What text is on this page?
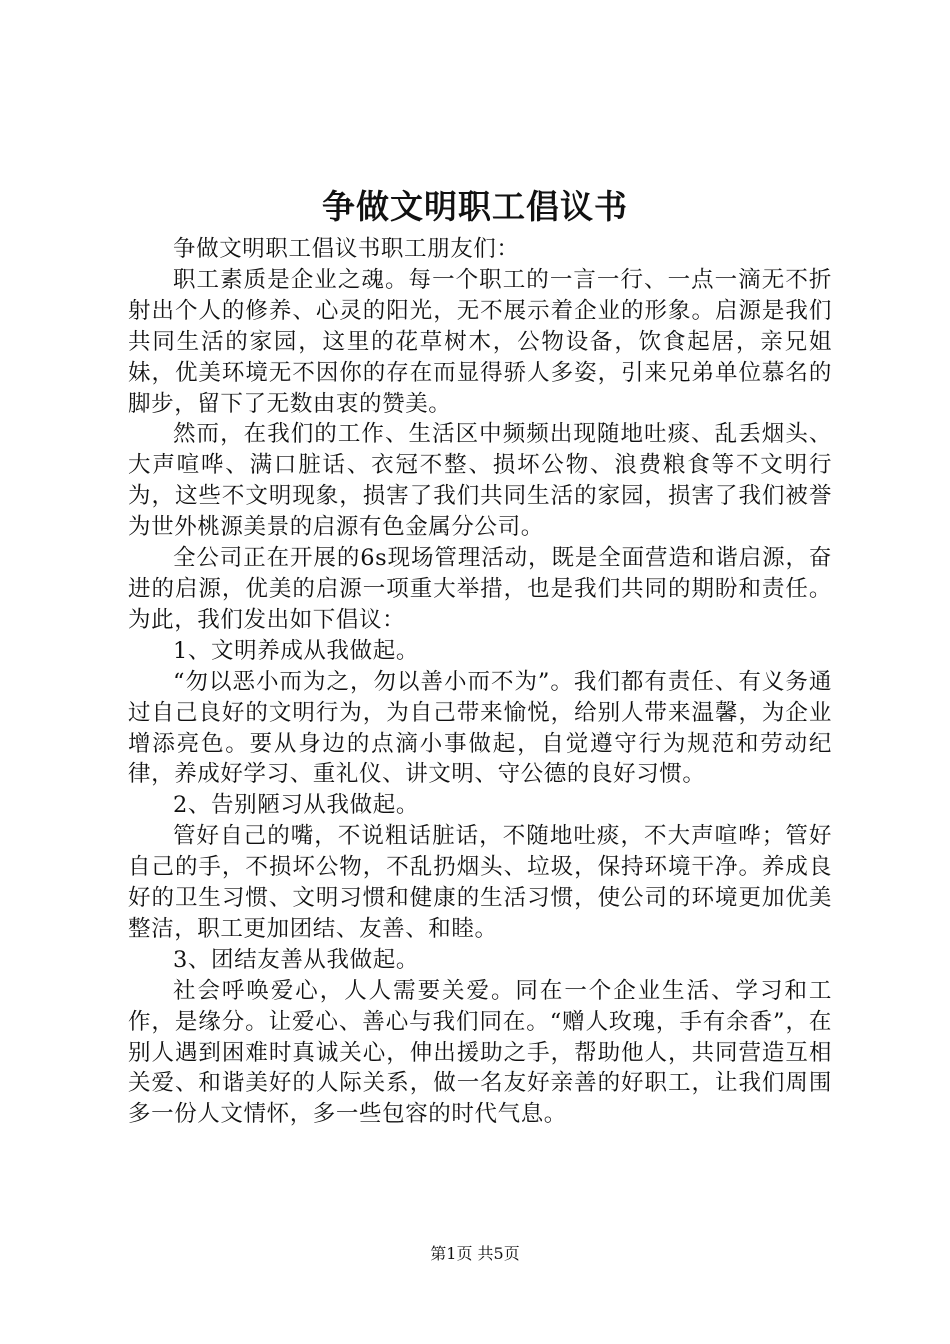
争做文明职工倡议书

争做文明职工倡议书职工朋友们：

职工素质是企业之魂。每一个职工的一言一行、一点一滴无不折射出个人的修养、心灵的阳光，无不展示着企业的形象。启源是我们共同生活的家园，这里的花草树木，公物设备，饮食起居，亲兄姐妹，优美环境无不因你的存在而显得骄人多姿，引来兄弟单位慕名的脚步，留下了无数由衷的赞美。

然而，在我们的工作、生活区中频频出现随地吐痰、乱丢烟头、大声喧哗、满口脏话、衣冠不整、损坏公物、浪费粮食等不文明行为，这些不文明现象，损害了我们共同生活的家园，损害了我们被誉为世外桃源美景的启源有色金属分公司。

全公司正在开展的6s现场管理活动，既是全面营造和谐启源，奋进的启源，优美的启源一项重大举措，也是我们共同的期盼和责任。为此，我们发出如下倡议：

1、文明养成从我做起。

“勿以恶小而为之，勿以善小而不为”。我们都有责任、有义务通过自己良好的文明行为，为自己带来愉悦，给别人带来温馨，为企业增添亮色。要从身边的点滴小事做起，自觉遵守行为规范和劳动纪律，养成好学习、重礼仪、讲文明、守公德的良好习惯。

2、告别陋习从我做起。

管好自己的嘴，不说粗话脏话，不随地吐痰，不大声喧哗；管好自己的手，不损坏公物，不乱扔烟头、垃圾，保持环境干净。养成良好的卫生习惯、文明习惯和健康的生活习惯，使公司的环境更加优美整洁，职工更加团结、友善、和睦。

3、团结友善从我做起。

社会呼唤爱心，人人需要关爱。同在一个企业生活、学习和工作，是缘分。让爱心、善心与我们同在。“赠人玫瑰，手有余香”，在别人遇到困难时真诚关心，伸出援助之手，帮助他人，共同营造互相关爱、和谐美好的人际关系，做一名友好亲善的好职工，让我们周围多一份人文情怀，多一些包容的时代气息。

第1页 共5页
